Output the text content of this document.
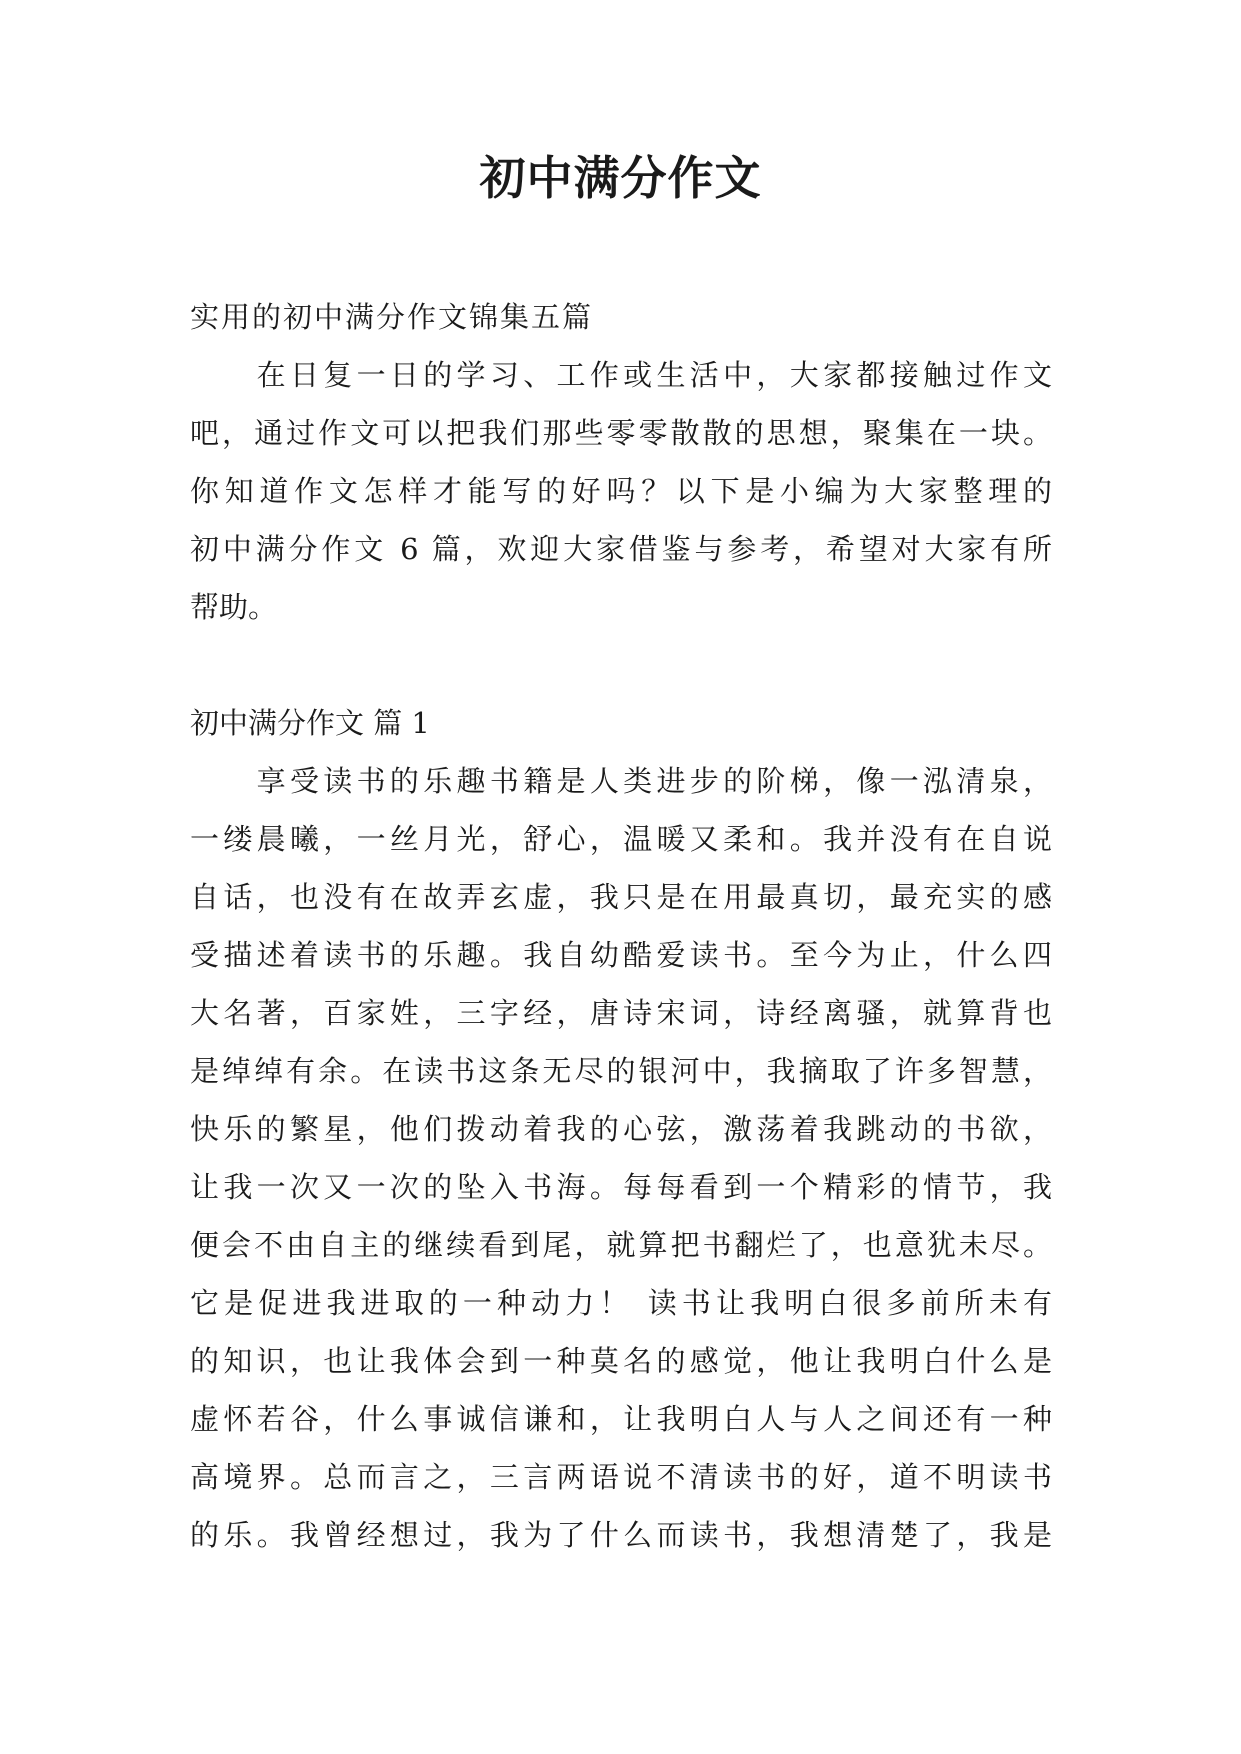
初中满分作文
实用的初中满分作文锦集五篇
　　在日复一日的学习、工作或生活中，大家都接触过作文
吧，通过作文可以把我们那些零零散散的思想，聚集在一块。
你知道作文怎样才能写的好吗？以下是小编为大家整理的
初中满分作文 6 篇，欢迎大家借鉴与参考，希望对大家有所
帮助。
初中满分作文 篇 1
　　享受读书的乐趣书籍是人类进步的阶梯，像一泓清泉，
一缕晨曦，一丝月光，舒心，温暖又柔和。我并没有在自说
自话，也没有在故弄玄虚，我只是在用最真切，最充实的感
受描述着读书的乐趣。我自幼酷爱读书。至今为止，什么四
大名著，百家姓，三字经，唐诗宋词，诗经离骚，就算背也
是绰绰有余。在读书这条无尽的银河中，我摘取了许多智慧，
快乐的繁星，他们拨动着我的心弦，激荡着我跳动的书欲，
让我一次又一次的坠入书海。每每看到一个精彩的情节，我
便会不由自主的继续看到尾，就算把书翻烂了，也意犹未尽。
它是促进我进取的一种动力！ 读书让我明白很多前所未有
的知识，也让我体会到一种莫名的感觉，他让我明白什么是
虚怀若谷，什么事诚信谦和，让我明白人与人之间还有一种
高境界。总而言之，三言两语说不清读书的好，道不明读书
的乐。我曾经想过，我为了什么而读书，我想清楚了，我是
